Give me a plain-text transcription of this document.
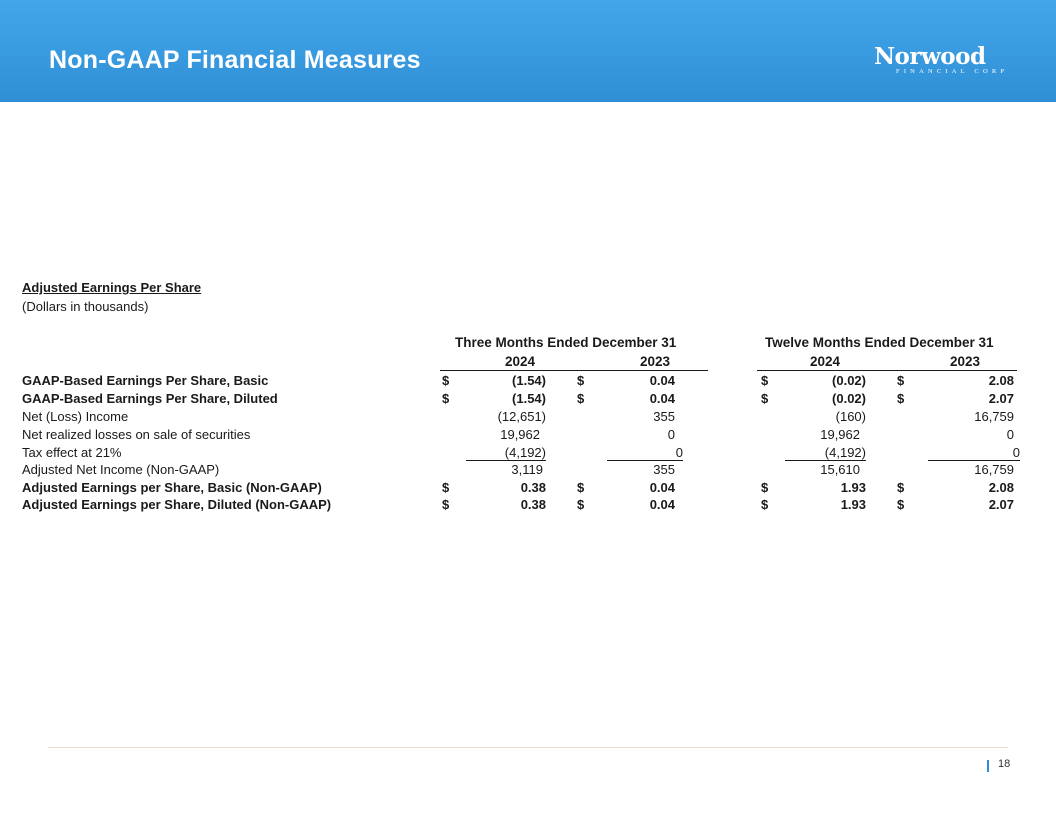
Non-GAAP Financial Measures	Norwood
FINANCIAL CORP
Adjusted Earnings Per Share
(Dollars in thousands)
Three Months Ended December 31	Twelve Months Ended December 31
2024	2023	2024	2023
GAAP-Based Earnings Per Share, Basic	$	(1.54) $	0.04	$	(0.02) $	2.08
GAAP-Based Earnings Per Share, Diluted	$	(1.54) $	0.04	$	(0.02) $	2.07
Net (Loss) Income	(12,651)	355	(160)	16,759
Net realized losses on sale of securities	19,962	0	19,962	0
Tax effect at 21%	(4,192)	0	(4,192)	0
Adjusted Net Income (Non-GAAP)	3,119	355	15,610	16,759
Adjusted Earnings per Share, Basic (Non-GAAP)	$	0.38 $	0.04	$	1.93 $	2.08
Adjusted Earnings per Share, Diluted (Non-GAAP)	$	0.38 $	0.04	$	1.93 $	2.07
18
